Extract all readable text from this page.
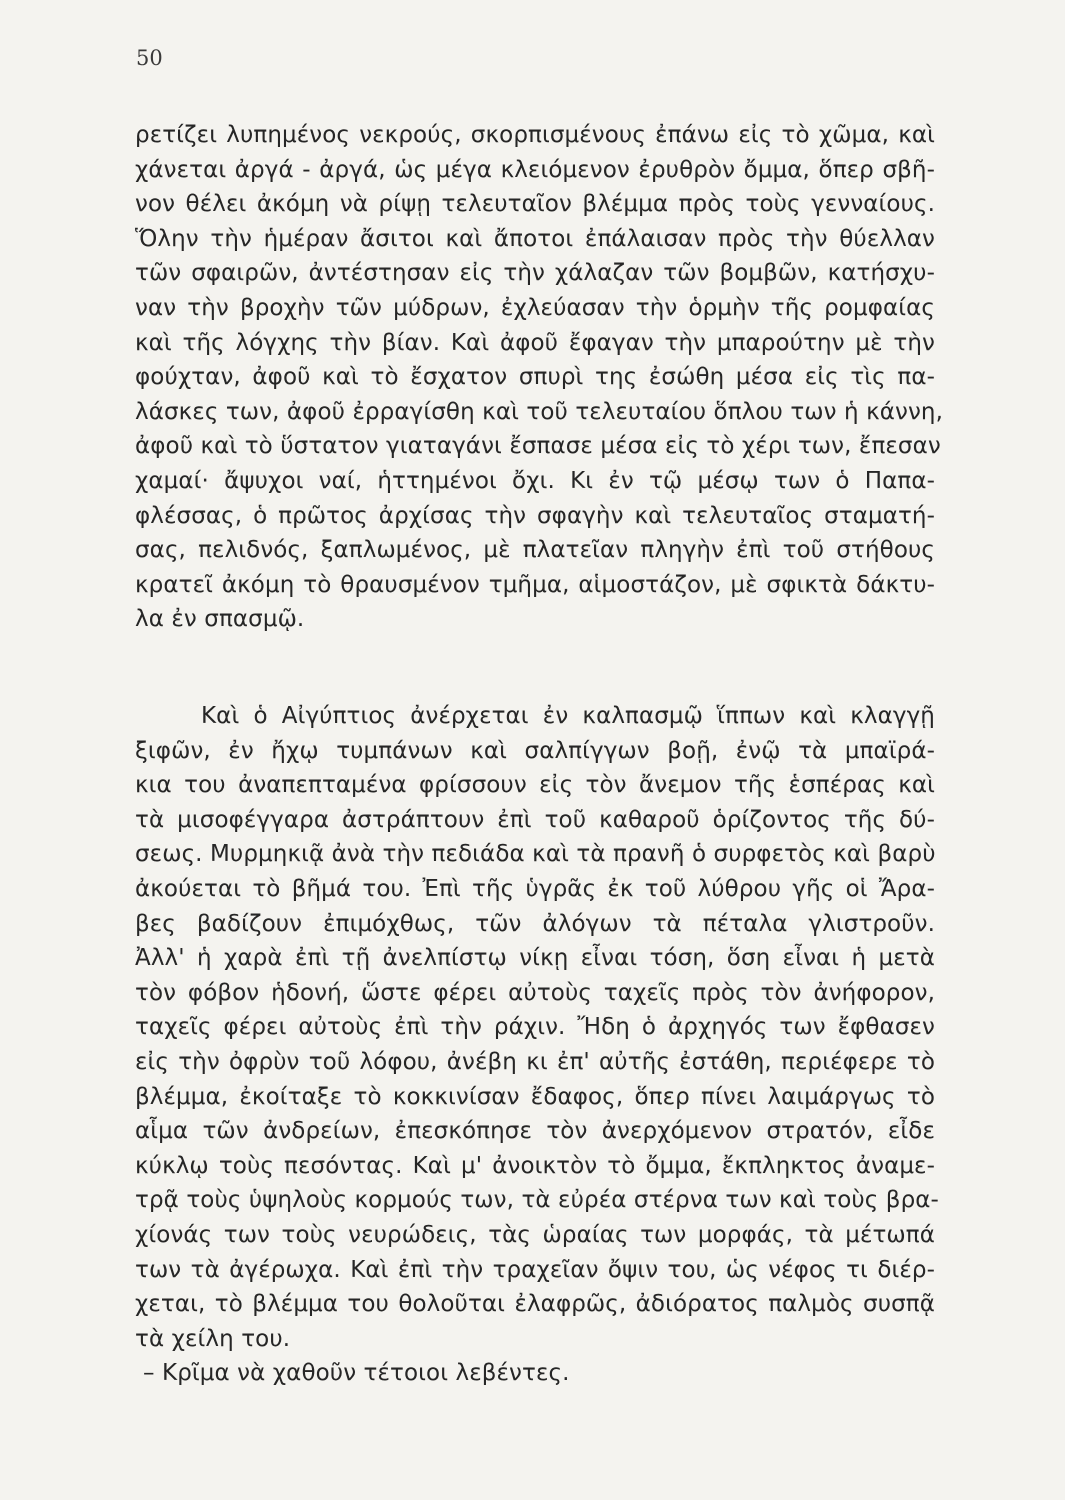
50
ρετίζει λυπημένος νεκρούς, σκορπισμένους ἐπάνω εἰς τὸ χῶμα, καὶ
χάνεται ἀργά - ἀργά, ὡς μέγα κλειόμενον ἐρυθρὸν ὄμμα, ὅπερ σβῆ-
νον θέλει ἀκόμη νὰ ρίψῃ τελευταῖον βλέμμα πρὸς τοὺς γενναίους.
Ὅλην τὴν ἡμέραν ἄσιτοι καὶ ἄποτοι ἐπάλαισαν πρὸς τὴν θύελλαν
τῶν σφαιρῶν, ἀντέστησαν εἰς τὴν χάλαζαν τῶν βομβῶν, κατήσχυ-
ναν τὴν βροχὴν τῶν μύδρων, ἐχλεύασαν τὴν ὁρμὴν τῆς ρομφαίας
καὶ τῆς λόγχης τὴν βίαν. Καὶ ἀφοῦ ἔφαγαν τὴν μπαρούτην μὲ τὴν
φούχταν, ἀφοῦ καὶ τὸ ἔσχατον σπυρὶ της ἐσώθη μέσα εἰς τὶς πα-
λάσκες των, ἀφοῦ ἐρραγίσθη καὶ τοῦ τελευταίου ὅπλου των ἡ κάννη,
ἀφοῦ καὶ τὸ ὕστατον γιαταγάνι ἔσπασε μέσα εἰς τὸ χέρι των, ἔπεσαν
χαμαί· ἄψυχοι ναί, ἡττημένοι ὄχι. Κι ἐν τῷ μέσῳ των ὁ Παπα-
φλέσσας, ὁ πρῶτος ἀρχίσας τὴν σφαγὴν καὶ τελευταῖος σταματή-
σας, πελιδνός, ξαπλωμένος, μὲ πλατεῖαν πληγὴν ἐπὶ τοῦ στήθους
κρατεῖ ἀκόμη τὸ θραυσμένον τμῆμα, αἱμοστάζον, μὲ σφικτὰ δάκτυ-
λα ἐν σπασμῷ.
Καὶ ὁ Αἰγύπτιος ἀνέρχεται ἐν καλπασμῷ ἵππων καὶ κλαγγῇ
ξιφῶν, ἐν ἤχῳ τυμπάνων καὶ σαλπίγγων βοῇ, ἐνῷ τὰ μπαϊρά-
κια του ἀναπεπταμένα φρίσσουν εἰς τὸν ἄνεμον τῆς ἑσπέρας καὶ
τὰ μισοφέγγαρα ἀστράπτουν ἐπὶ τοῦ καθαροῦ ὁρίζοντος τῆς δύ-
σεως. Μυρμηκιᾷ ἀνὰ τὴν πεδιάδα καὶ τὰ πρανῆ ὁ συρφετὸς καὶ βαρὺ
ἀκούεται τὸ βῆμά του. Ἐπὶ τῆς ὑγρᾶς ἐκ τοῦ λύθρου γῆς οἱ Ἄρα-
βες βαδίζουν ἐπιμόχθως, τῶν ἀλόγων τὰ πέταλα γλιστροῦν.
Ἀλλ' ἡ χαρὰ ἐπὶ τῇ ἀνελπίστῳ νίκῃ εἶναι τόση, ὅση εἶναι ἡ μετὰ
τὸν φόβον ἡδονή, ὥστε φέρει αὐτοὺς ταχεῖς πρὸς τὸν ἀνήφορον,
ταχεῖς φέρει αὐτοὺς ἐπὶ τὴν ράχιν. Ἤδη ὁ ἀρχηγός των ἔφθασεν
εἰς τὴν ὀφρὺν τοῦ λόφου, ἀνέβη κι ἐπ' αὐτῆς ἐστάθη, περιέφερε τὸ
βλέμμα, ἐκοίταξε τὸ κοκκινίσαν ἔδαφος, ὅπερ πίνει λαιμάργως τὸ
αἷμα τῶν ἀνδρείων, ἐπεσκόπησε τὸν ἀνερχόμενον στρατόν, εἶδε
κύκλῳ τοὺς πεσόντας. Καὶ μ' ἀνοικτὸν τὸ ὄμμα, ἔκπληκτος ἀναμε-
τρᾷ τοὺς ὑψηλοὺς κορμούς των, τὰ εὐρέα στέρνα των καὶ τοὺς βρα-
χίονάς των τοὺς νευρώδεις, τὰς ὡραίας των μορφάς, τὰ μέτωπά
των τὰ ἀγέρωχα. Καὶ ἐπὶ τὴν τραχεῖαν ὄψιν του, ὡς νέφος τι διέρ-
χεται, τὸ βλέμμα του θολοῦται ἐλαφρῶς, ἀδιόρατος παλμὸς συσπᾷ
τὰ χείλη του.
– Κρῖμα νὰ χαθοῦν τέτοιοι λεβέντες.
